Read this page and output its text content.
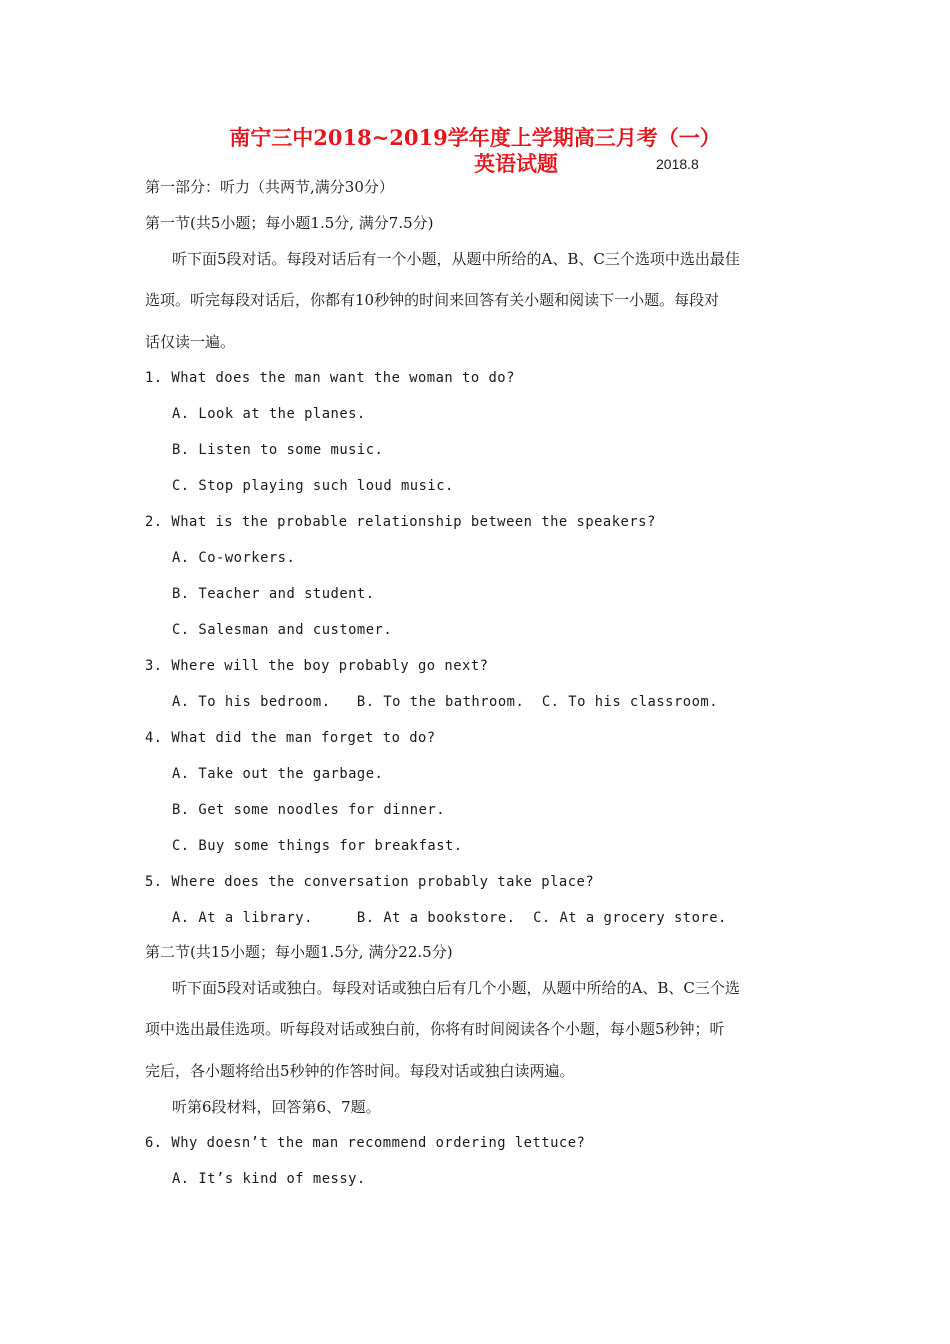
南宁三中2018~2019学年度上学期高三月考（一）
英语试题	2018.8
第一部分：听力（共两节,满分30分）
第一节(共5小题；每小题1.5分, 满分7.5分)
听下面5段对话。每段对话后有一个小题，从题中所给的A、B、C三个选项中选出最佳
选项。听完每段对话后，你都有10秒钟的时间来回答有关小题和阅读下一小题。每段对
话仅读一遍。
1. What does the man want the woman to do?
A. Look at the planes.
B. Listen to some music.
C. Stop playing such loud music.
2. What is the probable relationship between the speakers?
A. Co-workers.
B. Teacher and student.
C. Salesman and customer.
3. Where will the boy probably go next?
A. To his bedroom.   B. To the bathroom.  C. To his classroom.
4. What did the man forget to do?
A. Take out the garbage.
B. Get some noodles for dinner.
C. Buy some things for breakfast.
5. Where does the conversation probably take place?
A. At a library.     B. At a bookstore.  C. At a grocery store.
第二节(共15小题；每小题1.5分, 满分22.5分)
听下面5段对话或独白。每段对话或独白后有几个小题，从题中所给的A、B、C三个选
项中选出最佳选项。听每段对话或独白前，你将有时间阅读各个小题，每小题5秒钟；听
完后，各小题将给出5秒钟的作答时间。每段对话或独白读两遍。
听第6段材料，回答第6、7题。
6. Why doesn’t the man recommend ordering lettuce?
A. It’s kind of messy.
